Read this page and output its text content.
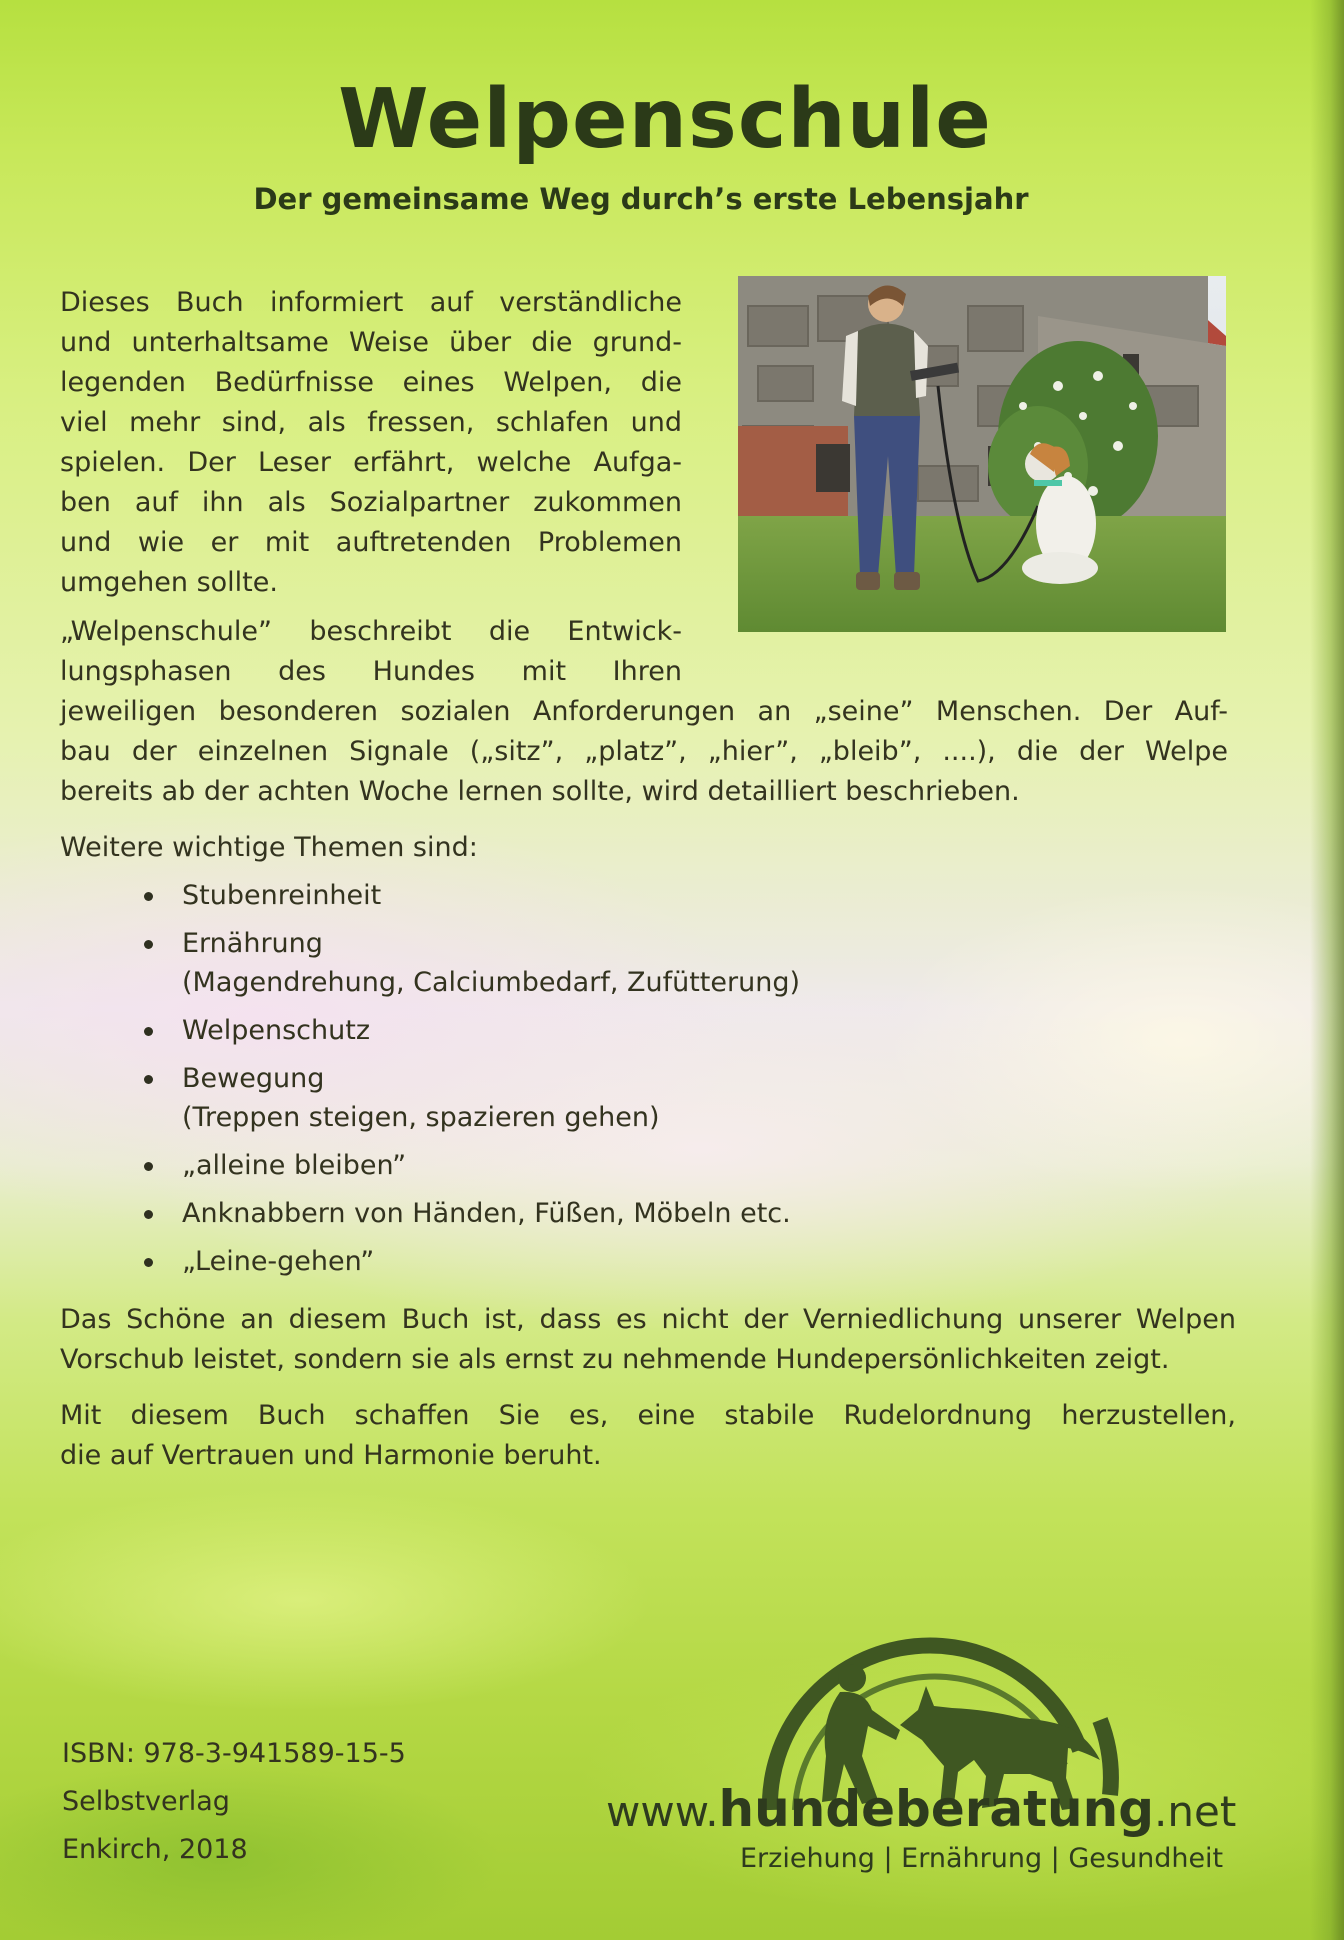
Welpenschule
Der gemeinsame Weg durch’s erste Lebensjahr
Dieses Buch informiert auf verständliche
und unterhaltsame Weise über die grund-
legenden Bedürfnisse eines Welpen, die
viel mehr sind, als fressen, schlafen und
spielen. Der Leser erfährt, welche Aufga-
ben auf ihn als Sozialpartner zukommen
und wie er mit auftretenden Problemen
umgehen sollte.
„Welpenschule” beschreibt die Entwick-
lungsphasen des Hundes mit Ihren
jeweiligen besonderen sozialen Anforderungen an „seine” Menschen. Der Auf-
bau der einzelnen Signale („sitz”, „platz”, „hier”, „bleib”, ....), die der Welpe
bereits ab der achten Woche lernen sollte, wird detailliert beschrieben.
Weitere wichtige Themen sind:
Stubenreinheit
Ernährung
(Magendrehung, Calciumbedarf, Zufütterung)
Welpenschutz
Bewegung
(Treppen steigen, spazieren gehen)
„alleine bleiben”
Anknabbern von Händen, Füßen, Möbeln etc.
„Leine-gehen”
Das Schöne an diesem Buch ist, dass es nicht der Verniedlichung unserer Welpen
Vorschub leistet, sondern sie als ernst zu nehmende Hundepersönlichkeiten zeigt.
Mit diesem Buch schaffen Sie es, eine stabile Rudelordnung herzustellen,
die auf Vertrauen und Harmonie beruht.
ISBN: 978-3-941589-15-5
Selbstverlag
Enkirch, 2018
www.hundeberatung.net
Erziehung | Ernährung | Gesundheit
